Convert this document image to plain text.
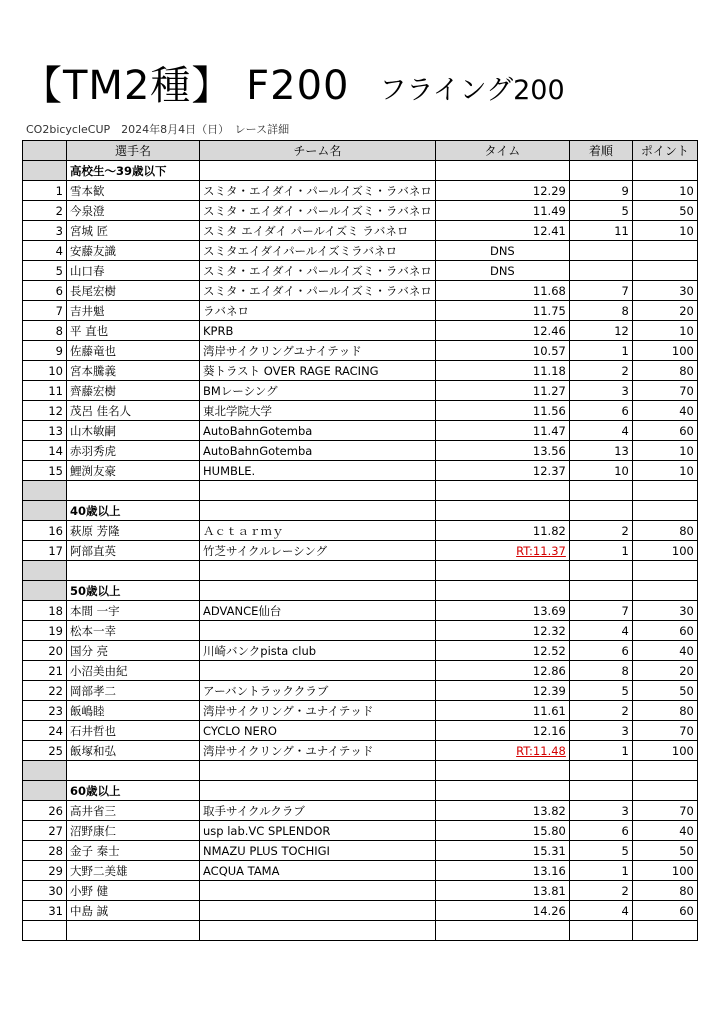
【TM2種】 F200 フライング200
CO2bicycleCUP　2024年8月4日（日）　レース詳細
	選手名	チーム名	タイム	着順	ポイント
	高校生～39歳以下				
1	雪本歓	スミタ・エイダイ・パールイズミ・ラバネロ	12.29	9	10
2	今泉澄	スミタ・エイダイ・パールイズミ・ラバネロ	11.49	5	50
3	宮城 匠	スミタ エイダイ パールイズミ ラバネロ	12.41	11	10
4	安藤友識	スミタエイダイパールイズミラバネロ	DNS		
5	山口春	スミタ・エイダイ・パールイズミ・ラバネロ	DNS		
6	長尾宏樹	スミタ・エイダイ・パールイズミ・ラバネロ	11.68	7	30
7	吉井魁	ラバネロ	11.75	8	20
8	平 直也	KPRB	12.46	12	10
9	佐藤竜也	湾岸サイクリングユナイテッド	10.57	1	100
10	宮本騰義	葵トラスト OVER RAGE RACING	11.18	2	80
11	齊藤宏樹	BMレーシング	11.27	3	70
12	茂呂 佳名人	東北学院大学	11.56	6	40
13	山木敏嗣	AutoBahnGotemba	11.47	4	60
14	赤羽秀虎	AutoBahnGotemba	13.56	13	10
15	鯉渕友豪	HUMBLE.	12.37	10	10

	40歳以上				
16	萩原 芳隆	Ａｃｔａｒｍｙ	11.82	2	80
17	阿部直英	竹芝サイクルレーシング	RT:11.37	1	100

	50歳以上				
18	本間 一宇	ADVANCE仙台	13.69	7	30
19	松本一幸		12.32	4	60
20	国分 亮	川崎バンクpista club	12.52	6	40
21	小沼美由紀		12.86	8	20
22	岡部孝二	アーバントラッククラブ	12.39	5	50
23	飯嶋睦	湾岸サイクリング・ユナイテッド	11.61	2	80
24	石井哲也	CYCLO NERO	12.16	3	70
25	飯塚和弘	湾岸サイクリング・ユナイテッド	RT:11.48	1	100

	60歳以上				
26	高井省三	取手サイクルクラブ	13.82	3	70
27	沼野康仁	usp lab.VC SPLENDOR	15.80	6	40
28	金子 秦士	NMAZU PLUS TOCHIGI	15.31	5	50
29	大野二美雄	ACQUA TAMA	13.16	1	100
30	小野 健		13.81	2	80
31	中島 誠		14.26	4	60
